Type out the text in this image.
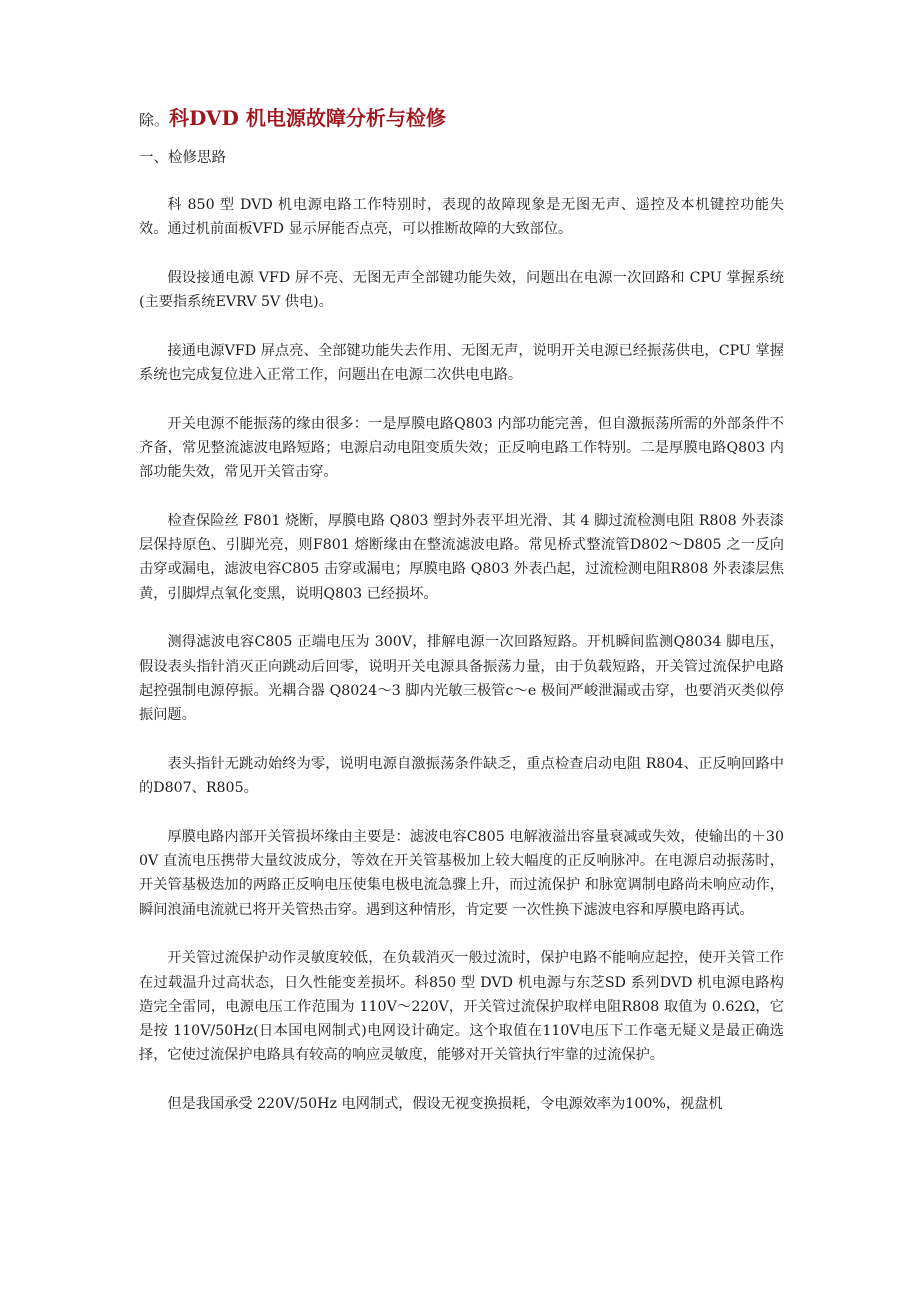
除。科DVD 机电源故障分析与检修
一、检修思路

科 850 型 DVD 机电源电路工作特别时，表现的故障现象是无图无声、遥控及本机键控功能失效。通过机前面板VFD 显示屏能否点亮，可以推断故障的大致部位。

假设接通电源 VFD 屏不亮、无图无声全部键功能失效，问题出在电源一次回路和 CPU 掌握系统(主要指系统EVRV 5V 供电)。

接通电源VFD 屏点亮、全部键功能失去作用、无图无声，说明开关电源已经振荡供电，CPU 掌握系统也完成复位进入正常工作，问题出在电源二次供电电路。

开关电源不能振荡的缘由很多：一是厚膜电路Q803 内部功能完善，但自激振荡所需的外部条件不齐备，常见整流滤波电路短路；电源启动电阻变质失效；正反响电路工作特别。二是厚膜电路Q803 内部功能失效，常见开关管击穿。

检查保险丝 F801 烧断，厚膜电路 Q803 塑封外表平坦光滑、其 4 脚过流检测电阻 R808 外表漆层保持原色、引脚光亮，则F801 熔断缘由在整流滤波电路。常见桥式整流管D802～D805 之一反向击穿或漏电，滤波电容C805 击穿或漏电；厚膜电路 Q803 外表凸起，过流检测电阻R808 外表漆层焦黄，引脚焊点氧化变黑，说明Q803 已经损坏。

测得滤波电容C805 正端电压为 300V，排解电源一次回路短路。开机瞬间监测Q8034 脚电压，假设表头指针消灭正向跳动后回零，说明开关电源具备振荡力量，由于负载短路，开关管过流保护电路起控强制电源停振。光耦合器 Q8024～3 脚内光敏三极管c～e 极间严峻泄漏或击穿，也要消灭类似停振问题。

表头指针无跳动始终为零，说明电源自激振荡条件缺乏，重点检查启动电阻 R804、正反响回路中的D807、R805。

厚膜电路内部开关管损坏缘由主要是：滤波电容C805 电解液溢出容量衰减或失效，使输出的＋300V 直流电压携带大量纹波成分，等效在开关管基极加上较大幅度的正反响脉冲。在电源启动振荡时，开关管基极迭加的两路正反响电压使集电极电流急骤上升，而过流保护 和脉宽调制电路尚未响应动作，瞬间浪涌电流就已将开关管热击穿。遇到这种情形，肯定要 一次性换下滤波电容和厚膜电路再试。

开关管过流保护动作灵敏度较低，在负载消灭一般过流时，保护电路不能响应起控，使开关管工作在过载温升过高状态，日久性能变差损坏。科850 型 DVD 机电源与东芝SD 系列DVD 机电源电路构造完全雷同，电源电压工作范围为 110V～220V，开关管过流保护取样电阻R808 取值为 0.62Ω，它是按 110V/50Hz(日本国电网制式)电网设计确定。这个取值在110V电压下工作毫无疑义是最正确选择，它使过流保护电路具有较高的响应灵敏度，能够对开关管执行牢靠的过流保护。

但是我国承受 220V/50Hz 电网制式，假设无视变换损耗，令电源效率为100%，视盘机
